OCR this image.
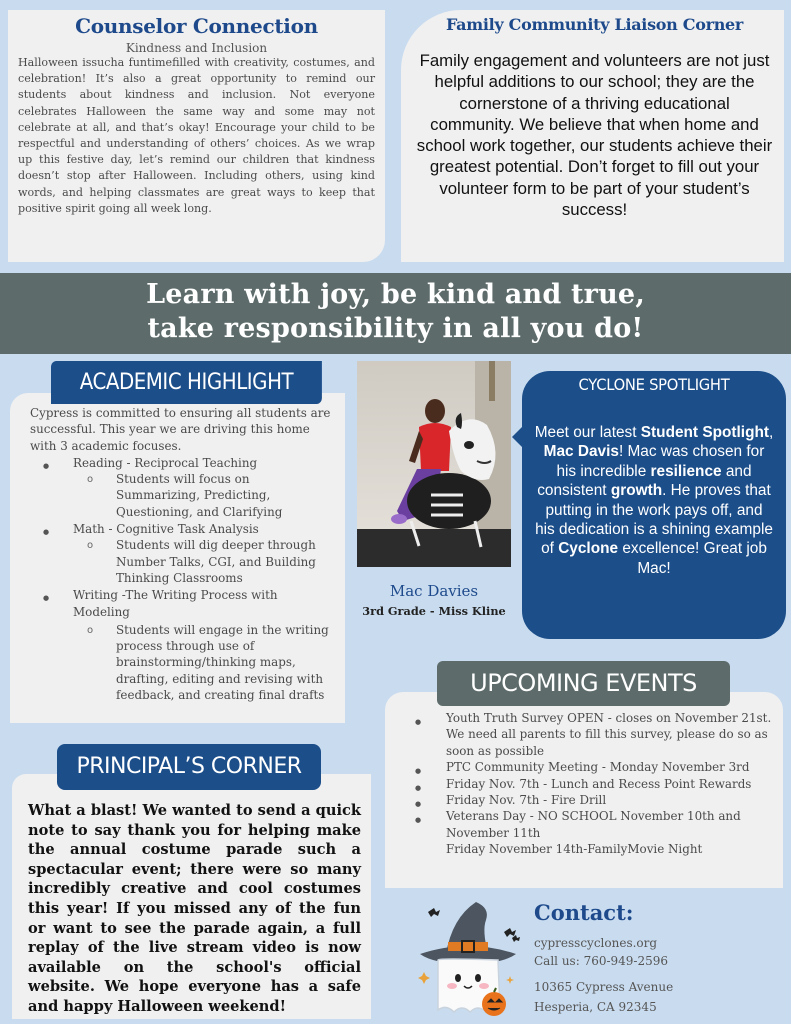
Counselor Connection
Kindness and Inclusion

Halloween issucha funtimefilled with creativity, costumes, and celebration! It’s also a great opportunity to remind our students about kindness and inclusion. Not everyone celebrates Halloween the same way and some may not celebrate at all, and that’s okay! Encourage your child to be respectful and understanding of others’ choices. As we wrap up this festive day, let’s remind our children that kindness doesn’t stop after Halloween. Including others, using kind words, and helping classmates are great ways to keep that positive spirit going all week long.

Family Community Liaison Corner

Family engagement and volunteers are not just helpful additions to our school; they are the cornerstone of a thriving educational community. We believe that when home and school work together, our students achieve their greatest potential. Don’t forget to fill out your volunteer form to be part of your student’s success!

Learn with joy, be kind and true,
take responsibility in all you do!
Cypress is committed to ensuring all students are successful. This year we are driving this home with 3 academic focuses.
● Reading - Reciprocal Teaching
o Students will focus on Summarizing, Predicting, Questioning, and Clarifying
● Math - Cognitive Task Analysis
o Students will dig deeper through Number Talks, CGI, and Building Thinking Classrooms
● Writing -The Writing Process with Modeling
o Students will engage in the writing process through use of brainstorming/thinking maps, drafting, editing and revising with feedback, and creating final drafts
ACADEMIC HIGHLIGHT
Mac Davies
3rd Grade - Miss Kline
CYCLONE SPOTLIGHT

Meet our latest Student Spotlight, Mac Davis! Mac was chosen for his incredible resilience and consistent growth. He proves that putting in the work pays off, and his dedication is a shining example of Cyclone excellence! Great job Mac!

● Youth Truth Survey OPEN - closes on November 21st. We need all parents to fill this survey, please do so as soon as possible
● PTC Community Meeting - Monday November 3rd
● Friday Nov. 7th - Lunch and Recess Point Rewards
● Friday Nov. 7th - Fire Drill
● Veterans Day - NO SCHOOL November 10th and November 11th
Friday November 14th-FamilyMovie Night
UPCOMING EVENTS

What a blast! We wanted to send a quick note to say thank you for helping make the annual costume parade such a spectacular event; there were so many incredibly creative and cool costumes this year! If you missed any of the fun or want to see the parade again, a full replay of the live stream video is now available on the school's official website. We hope everyone has a safe and happy Halloween weekend!

PRINCIPAL’S CORNER
Contact:
cypresscyclones.org
Call us: 760-949-2596
10365 Cypress Avenue
Hesperia, CA 92345
